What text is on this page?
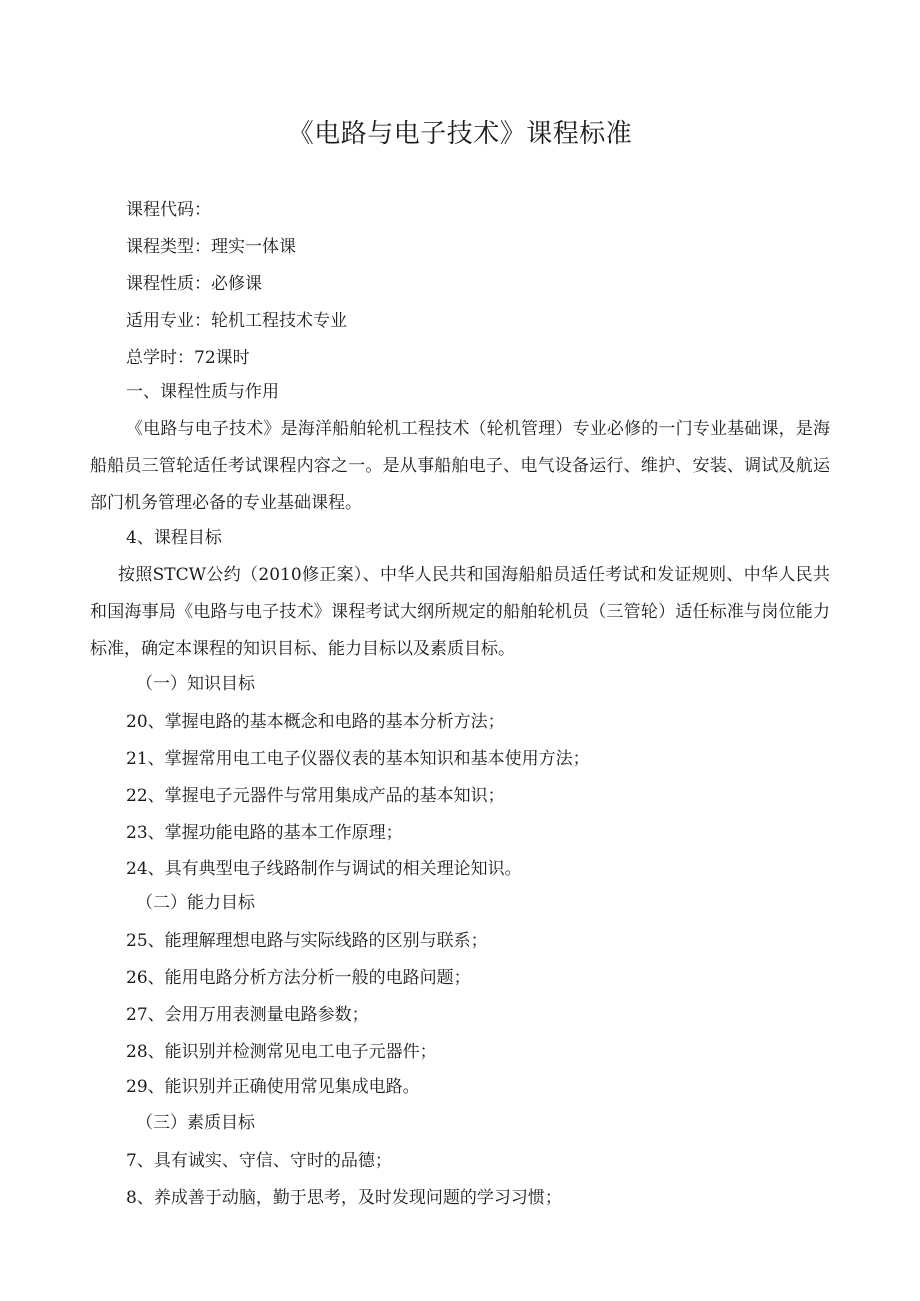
《电路与电子技术》课程标准
课程代码：
课程类型：理实一体课
课程性质：必修课
适用专业：轮机工程技术专业
总学时：72课时
一、课程性质与作用
《电路与电子技术》是海洋船舶轮机工程技术（轮机管理）专业必修的一门专业基础课，是海船船员三管轮适任考试课程内容之一。是从事船舶电子、电气设备运行、维护、安装、调试及航运部门机务管理必备的专业基础课程。
4、课程目标
按照STCW公约（2010修正案）、中华人民共和国海船船员适任考试和发证规则、中华人民共和国海事局《电路与电子技术》课程考试大纲所规定的船舶轮机员（三管轮）适任标准与岗位能力标准，确定本课程的知识目标、能力目标以及素质目标。
（一）知识目标
20、掌握电路的基本概念和电路的基本分析方法；
21、掌握常用电工电子仪器仪表的基本知识和基本使用方法；
22、掌握电子元器件与常用集成产品的基本知识；
23、掌握功能电路的基本工作原理；
24、具有典型电子线路制作与调试的相关理论知识。
（二）能力目标
25、能理解理想电路与实际线路的区别与联系；
26、能用电路分析方法分析一般的电路问题；
27、会用万用表测量电路参数；
28、能识别并检测常见电工电子元器件；
29、能识别并正确使用常见集成电路。
（三）素质目标
7、具有诚实、守信、守时的品德；
8、养成善于动脑，勤于思考，及时发现问题的学习习惯；
